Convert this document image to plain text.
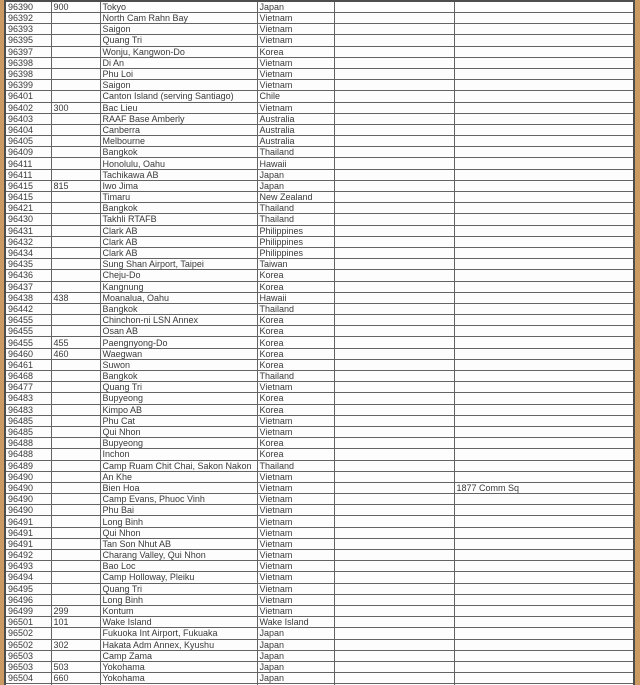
96390	900	Tokyo	Japan		
96392		North Cam Rahn Bay	Vietnam		
96393		Saigon	Vietnam		
96395		Quang Tri	Vietnam		
96397		Wonju, Kangwon-Do	Korea		
96398		Di An	Vietnam		
96398		Phu Loi	Vietnam		
96399		Saigon	Vietnam		
96401		Canton Island (serving Santiago)	Chile		
96402	300	Bac Lieu	Vietnam		
96403		RAAF Base Amberly	Australia		
96404		Canberra	Australia		
96405		Melbourne	Australia		
96409		Bangkok	Thailand		
96411		Honolulu, Oahu	Hawaii		
96411		Tachikawa AB	Japan		
96415	815	Iwo Jima	Japan		
96415		Timaru	New Zealand		
96421		Bangkok	Thailand		
96430		Takhli RTAFB	Thailand		
96431		Clark AB	Philippines		
96432		Clark AB	Philippines		
96434		Clark AB	Philippines		
96435		Sung Shan Airport, Taipei	Taiwan		
96436		Cheju-Do	Korea		
96437		Kangnung	Korea		
96438	438	Moanalua, Oahu	Hawaii		
96442		Bangkok	Thailand		
96455		Chinchon-ni LSN Annex	Korea		
96455		Osan AB	Korea		
96455	455	Paengnyong-Do	Korea		
96460	460	Waegwan	Korea		
96461		Suwon	Korea		
96468		Bangkok	Thailand		
96477		Quang Tri	Vietnam		
96483		Bupyeong	Korea		
96483		Kimpo AB	Korea		
96485		Phu Cat	Vietnam		
96485		Qui Nhon	Vietnam		
96488		Bupyeong	Korea		
96488		Inchon	Korea		
96489		Camp Ruam Chit Chai, Sakon Nakon	Thailand		
96490		An Khe	Vietnam		
96490		Bien Hoa	Vietnam		1877 Comm Sq
96490		Camp Evans, Phuoc Vinh	Vietnam		
96490		Phu Bai	Vietnam		
96491		Long Binh	Vietnam		
96491		Qui Nhon	Vietnam		
96491		Tan Son Nhut AB	Vietnam		
96492		Charang Valley, Qui Nhon	Vietnam		
96493		Bao Loc	Vietnam		
96494		Camp Holloway, Pleiku	Vietnam		
96495		Quang Tri	Vietnam		
96496		Long Binh	Vietnam		
96499	299	Kontum	Vietnam		
96501	101	Wake Island	Wake Island		
96502		Fukuoka Int Airport, Fukuaka	Japan		
96502	302	Hakata Adm Annex, Kyushu	Japan		
96503		Camp Zama	Japan		
96503	503	Yokohama	Japan		
96504	660	Yokohama	Japan		
